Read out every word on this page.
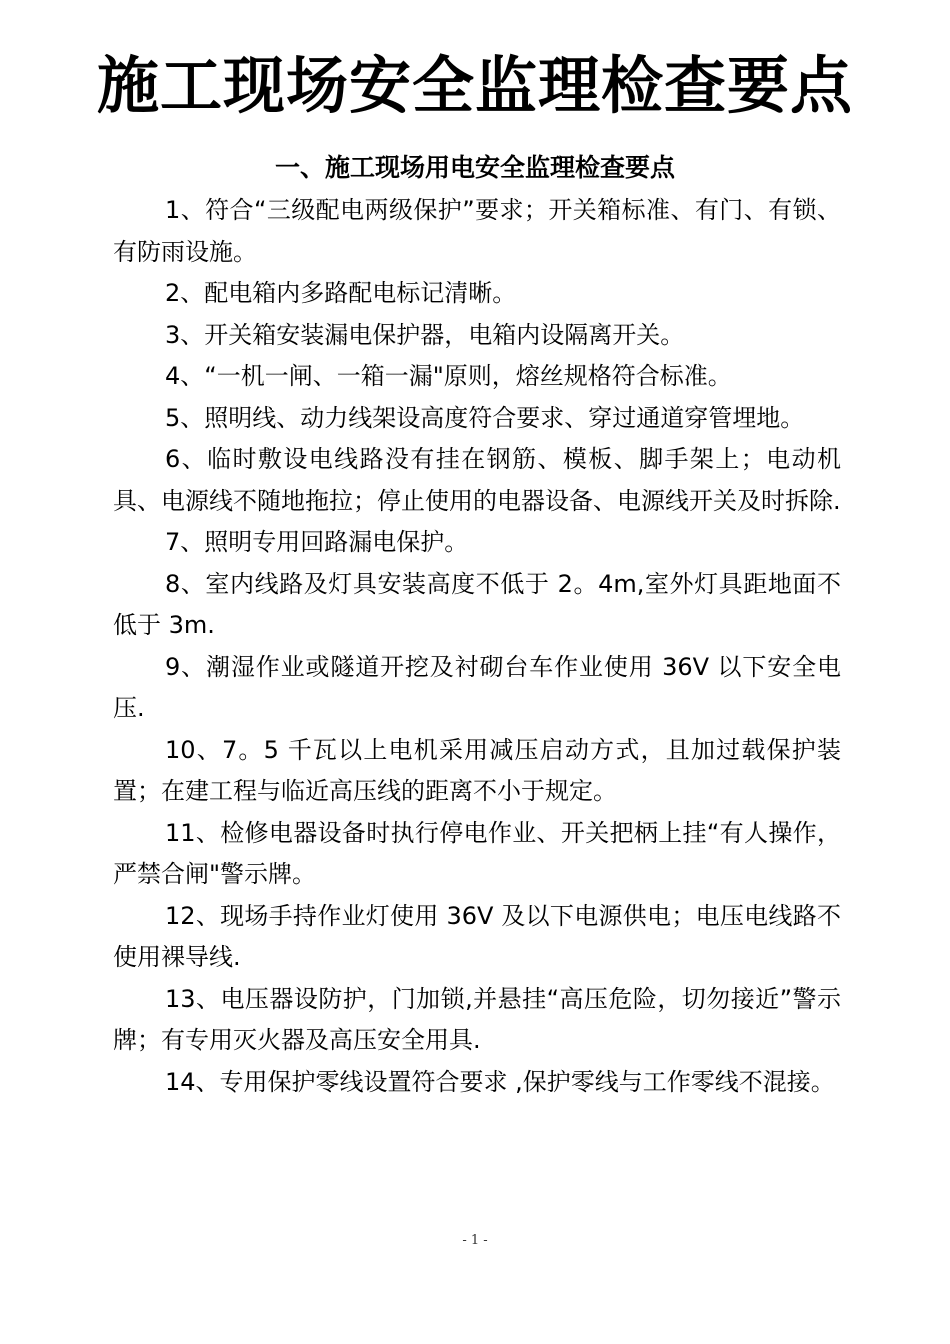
施工现场安全监理检查要点
一、施工现场用电安全监理检查要点

1、符合“三级配电两级保护”要求；开关箱标准、有门、有锁、有防雨设施。

2、配电箱内多路配电标记清晰。

3、开关箱安装漏电保护器，电箱内设隔离开关。

4、“一机一闸、一箱一漏"原则，熔丝规格符合标准。

5、照明线、动力线架设高度符合要求、穿过通道穿管埋地。

6、临时敷设电线路没有挂在钢筋、模板、脚手架上；电动机具、电源线不随地拖拉；停止使用的电器设备、电源线开关及时拆除.

7、照明专用回路漏电保护。

8、室内线路及灯具安装高度不低于 2。4m,室外灯具距地面不低于 3m.

9、潮湿作业或隧道开挖及衬砌台车作业使用 36V 以下安全电压.

10、7。5 千瓦以上电机采用减压启动方式，且加过载保护装置；在建工程与临近高压线的距离不小于规定。

11、检修电器设备时执行停电作业、开关把柄上挂“有人操作，严禁合闸"警示牌。

12、现场手持作业灯使用 36V 及以下电源供电；电压电线路不使用裸导线.

13、电压器设防护，门加锁,并悬挂“高压危险，切勿接近”警示牌；有专用灭火器及高压安全用具.

14、专用保护零线设置符合要求 ,保护零线与工作零线不混接。

- 1 -
